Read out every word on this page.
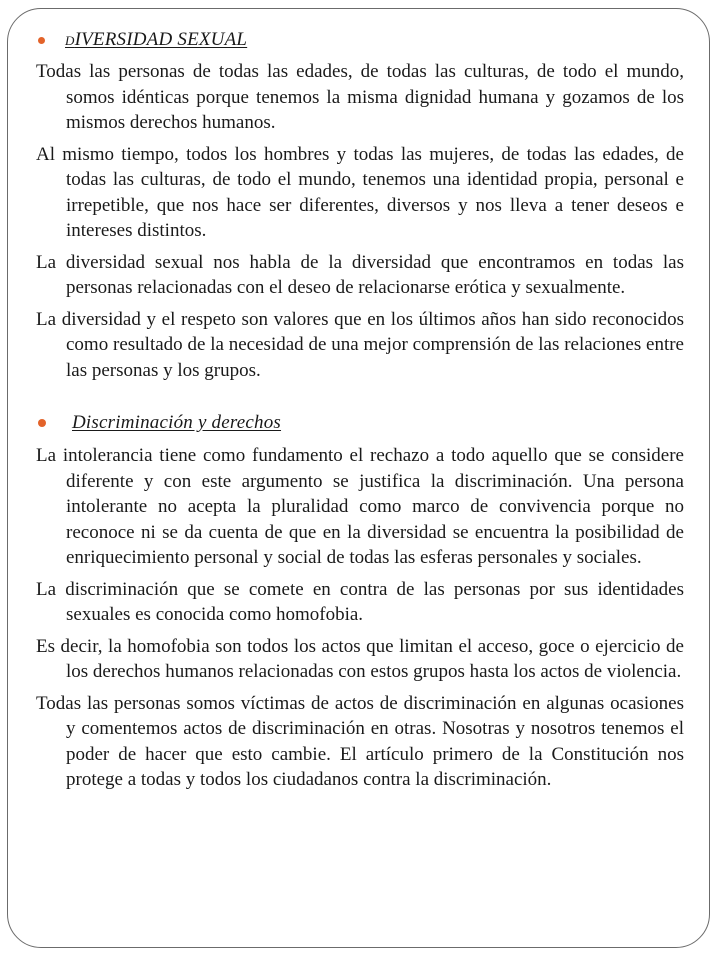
DIVERSIDAD SEXUAL

Todas las personas de todas las edades, de todas las culturas, de todo el mundo, somos idénticas porque tenemos la misma dignidad humana y gozamos de los mismos derechos humanos.

Al mismo tiempo, todos los hombres y todas las mujeres, de todas las edades, de todas las culturas, de todo el mundo, tenemos una identidad propia, personal e irrepetible, que nos hace ser diferentes, diversos y nos lleva a tener deseos e intereses distintos.

La diversidad sexual nos habla de la diversidad que encontramos en todas las personas relacionadas con el deseo de relacionarse erótica y sexualmente.

La diversidad y el respeto son valores que en los últimos años han sido reconocidos como resultado de la necesidad de una mejor comprensión de las relaciones entre las personas y los grupos.

Discriminación y derechos

La intolerancia tiene como fundamento el rechazo a todo aquello que se considere diferente y con este argumento se justifica la discriminación. Una persona intolerante no acepta la pluralidad como marco de convivencia porque no reconoce ni se da cuenta de que en la diversidad se encuentra la posibilidad de enriquecimiento personal y social de todas las esferas personales y sociales.

La discriminación que se comete en contra de las personas por sus identidades sexuales es conocida como homofobia.

Es decir, la homofobia son todos los actos que limitan el acceso, goce o ejercicio de los derechos humanos relacionadas con estos grupos hasta los actos de violencia.

Todas las personas somos víctimas de actos de discriminación en algunas ocasiones y comentemos actos de discriminación en otras. Nosotras y nosotros tenemos el poder de hacer que esto cambie. El artículo primero de la Constitución nos protege a todas y todos los ciudadanos contra la discriminación.
